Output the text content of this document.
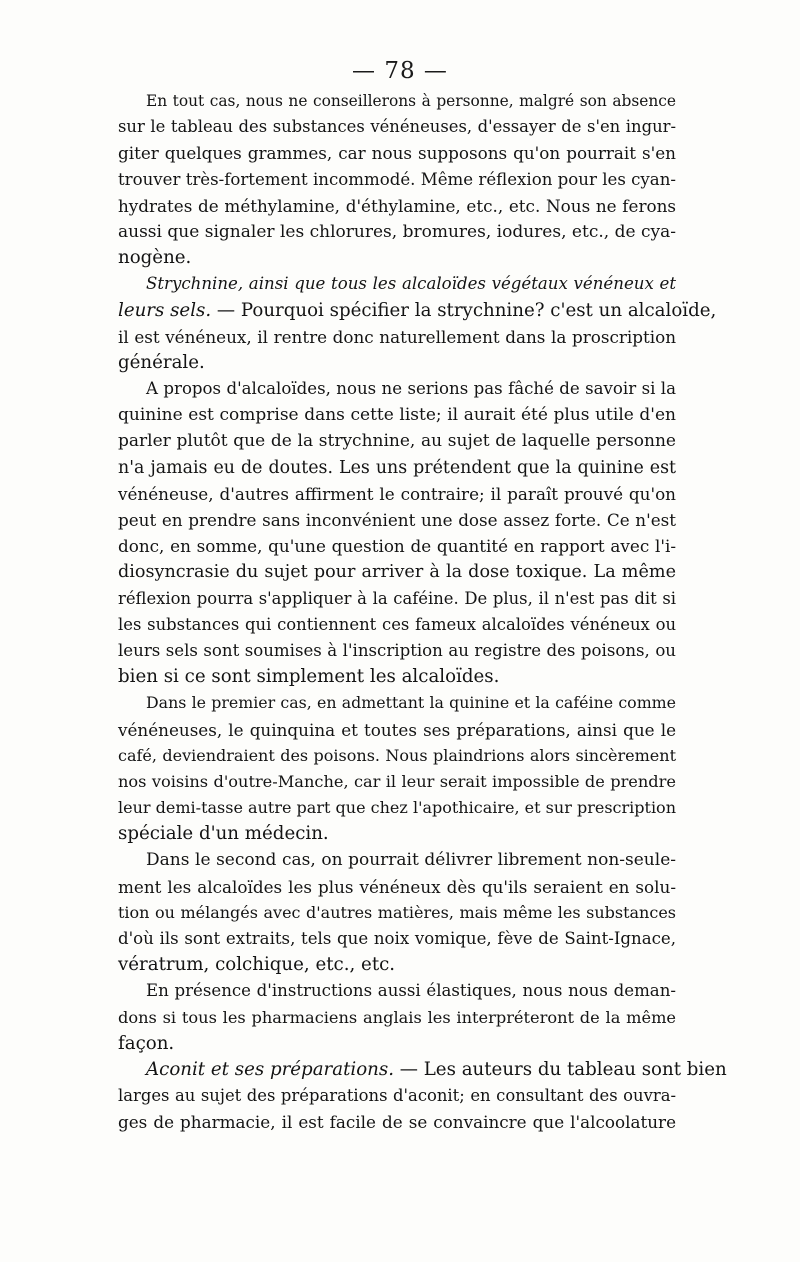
— 78 —
En tout cas, nous ne conseillerons à personne, malgré son absence
sur le tableau des substances vénéneuses, d'essayer de s'en ingur-
giter quelques grammes, car nous supposons qu'on pourrait s'en
trouver très-fortement incommodé. Même réflexion pour les cyan-
hydrates de méthylamine, d'éthylamine, etc., etc. Nous ne ferons
aussi que signaler les chlorures, bromures, iodures, etc., de cya-
nogène.
Strychnine, ainsi que tous les alcaloïdes végétaux vénéneux et
leurs sels. — Pourquoi spécifier la strychnine? c'est un alcaloïde,
il est vénéneux, il rentre donc naturellement dans la proscription
générale.
A propos d'alcaloïdes, nous ne serions pas fâché de savoir si la
quinine est comprise dans cette liste; il aurait été plus utile d'en
parler plutôt que de la strychnine, au sujet de laquelle personne
n'a jamais eu de doutes. Les uns prétendent que la quinine est
vénéneuse, d'autres affirment le contraire; il paraît prouvé qu'on
peut en prendre sans inconvénient une dose assez forte. Ce n'est
donc, en somme, qu'une question de quantité en rapport avec l'i-
diosyncrasie du sujet pour arriver à la dose toxique. La même
réflexion pourra s'appliquer à la caféine. De plus, il n'est pas dit si
les substances qui contiennent ces fameux alcaloïdes vénéneux ou
leurs sels sont soumises à l'inscription au registre des poisons, ou
bien si ce sont simplement les alcaloïdes.
Dans le premier cas, en admettant la quinine et la caféine comme
vénéneuses, le quinquina et toutes ses préparations, ainsi que le
café, deviendraient des poisons. Nous plaindrions alors sincèrement
nos voisins d'outre-Manche, car il leur serait impossible de prendre
leur demi-tasse autre part que chez l'apothicaire, et sur prescription
spéciale d'un médecin.
Dans le second cas, on pourrait délivrer librement non-seule-
ment les alcaloïdes les plus vénéneux dès qu'ils seraient en solu-
tion ou mélangés avec d'autres matières, mais même les substances
d'où ils sont extraits, tels que noix vomique, fève de Saint-Ignace,
vératrum, colchique, etc., etc.
En présence d'instructions aussi élastiques, nous nous deman-
dons si tous les pharmaciens anglais les interpréteront de la même
façon.
Aconit et ses préparations. — Les auteurs du tableau sont bien
larges au sujet des préparations d'aconit; en consultant des ouvra-
ges de pharmacie, il est facile de se convaincre que l'alcoolature
